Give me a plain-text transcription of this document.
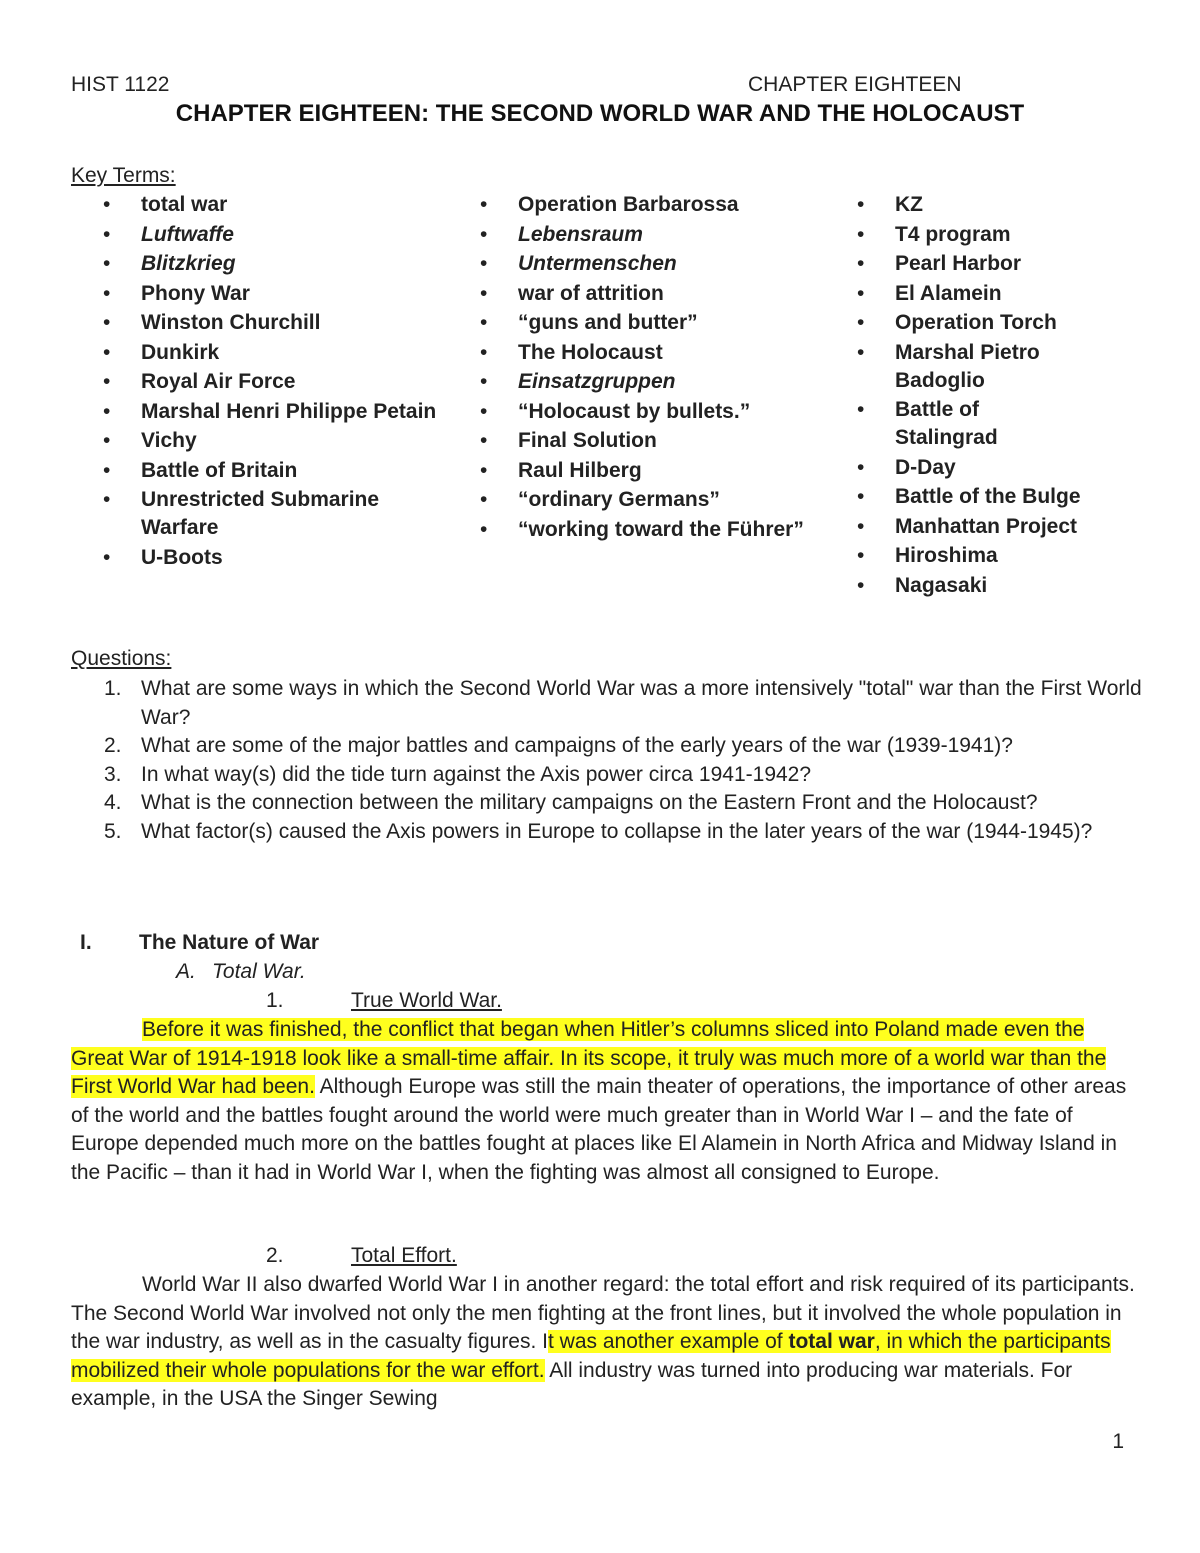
HIST 1122	CHAPTER EIGHTEEN
CHAPTER EIGHTEEN: THE SECOND WORLD WAR AND THE HOLOCAUST
Key Terms:
• total war
• Luftwaffe
• Blitzkrieg
• Phony War
• Winston Churchill
• Dunkirk
• Royal Air Force
• Marshal Henri Philippe Petain
• Vichy
• Battle of Britain
• Unrestricted Submarine Warfare
• U-Boots
• Operation Barbarossa
• Lebensraum
• Untermenschen
• war of attrition
• “guns and butter”
• The Holocaust
• Einsatzgruppen
• “Holocaust by bullets.”
• Final Solution
• Raul Hilberg
• “ordinary Germans”
• “working toward the Führer”
• KZ
• T4 program
• Pearl Harbor
• El Alamein
• Operation Torch
• Marshal Pietro Badoglio
• Battle of Stalingrad
• D-Day
• Battle of the Bulge
• Manhattan Project
• Hiroshima
• Nagasaki
Questions:
1. What are some ways in which the Second World War was a more intensively "total" war than the First World War?
2. What are some of the major battles and campaigns of the early years of the war (1939-1941)?
3. In what way(s) did the tide turn against the Axis power circa 1941-1942?
4. What is the connection between the military campaigns on the Eastern Front and the Holocaust?
5. What factor(s) caused the Axis powers in Europe to collapse in the later years of the war (1944-1945)?
I. The Nature of War
A. Total War.
1.	True World War.

Before it was finished, the conflict that began when Hitler’s columns sliced into Poland made even the Great War of 1914-1918 look like a small-time affair. In its scope, it truly was much more of a world war than the First World War had been. Although Europe was still the main theater of operations, the importance of other areas of the world and the battles fought around the world were much greater than in World War I – and the fate of Europe depended much more on the battles fought at places like El Alamein in North Africa and Midway Island in the Pacific – than it had in World War I, when the fighting was almost all consigned to Europe.

2.	Total Effort.

World War II also dwarfed World War I in another regard: the total effort and risk required of its participants. The Second World War involved not only the men fighting at the front lines, but it involved the whole population in the war industry, as well as in the casualty figures. It was another example of total war, in which the participants mobilized their whole populations for the war effort. All industry was turned into producing war materials. For example, in the USA the Singer Sewing

1
